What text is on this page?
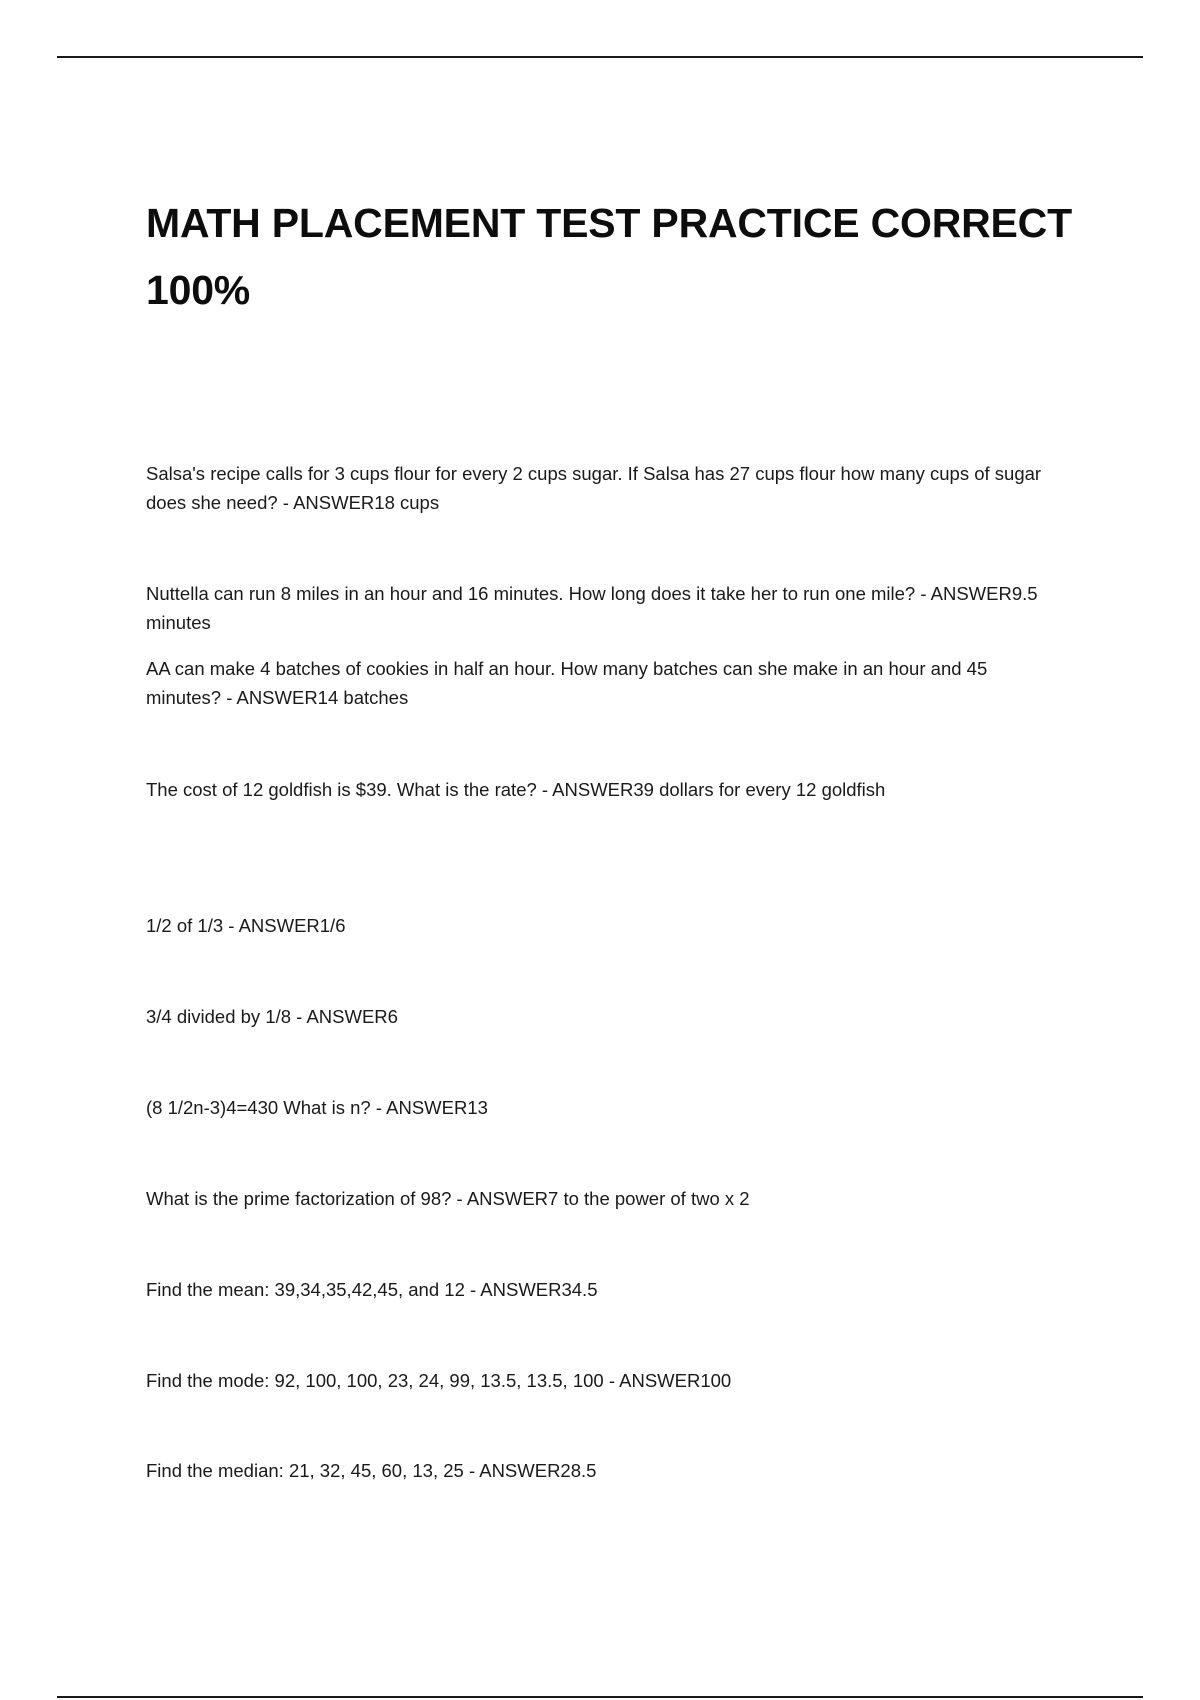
MATH PLACEMENT TEST PRACTICE CORRECT 100%

Salsa's recipe calls for 3 cups flour for every 2 cups sugar. If Salsa has 27 cups flour how many cups of sugar does she need? - ANSWER18 cups

Nuttella can run 8 miles in an hour and 16 minutes. How long does it take her to run one mile? - ANSWER9.5 minutes

AA can make 4 batches of cookies in half an hour. How many batches can she make in an hour and 45 minutes? - ANSWER14 batches

The cost of 12 goldfish is $39. What is the rate? - ANSWER39 dollars for every 12 goldfish

1/2 of 1/3 - ANSWER1/6

3/4 divided by 1/8 - ANSWER6

(8 1/2n-3)4=430 What is n? - ANSWER13

What is the prime factorization of 98? - ANSWER7 to the power of two x 2

Find the mean: 39,34,35,42,45, and 12 - ANSWER34.5

Find the mode: 92, 100, 100, 23, 24, 99, 13.5, 13.5, 100 - ANSWER100

Find the median: 21, 32, 45, 60, 13, 25 - ANSWER28.5
